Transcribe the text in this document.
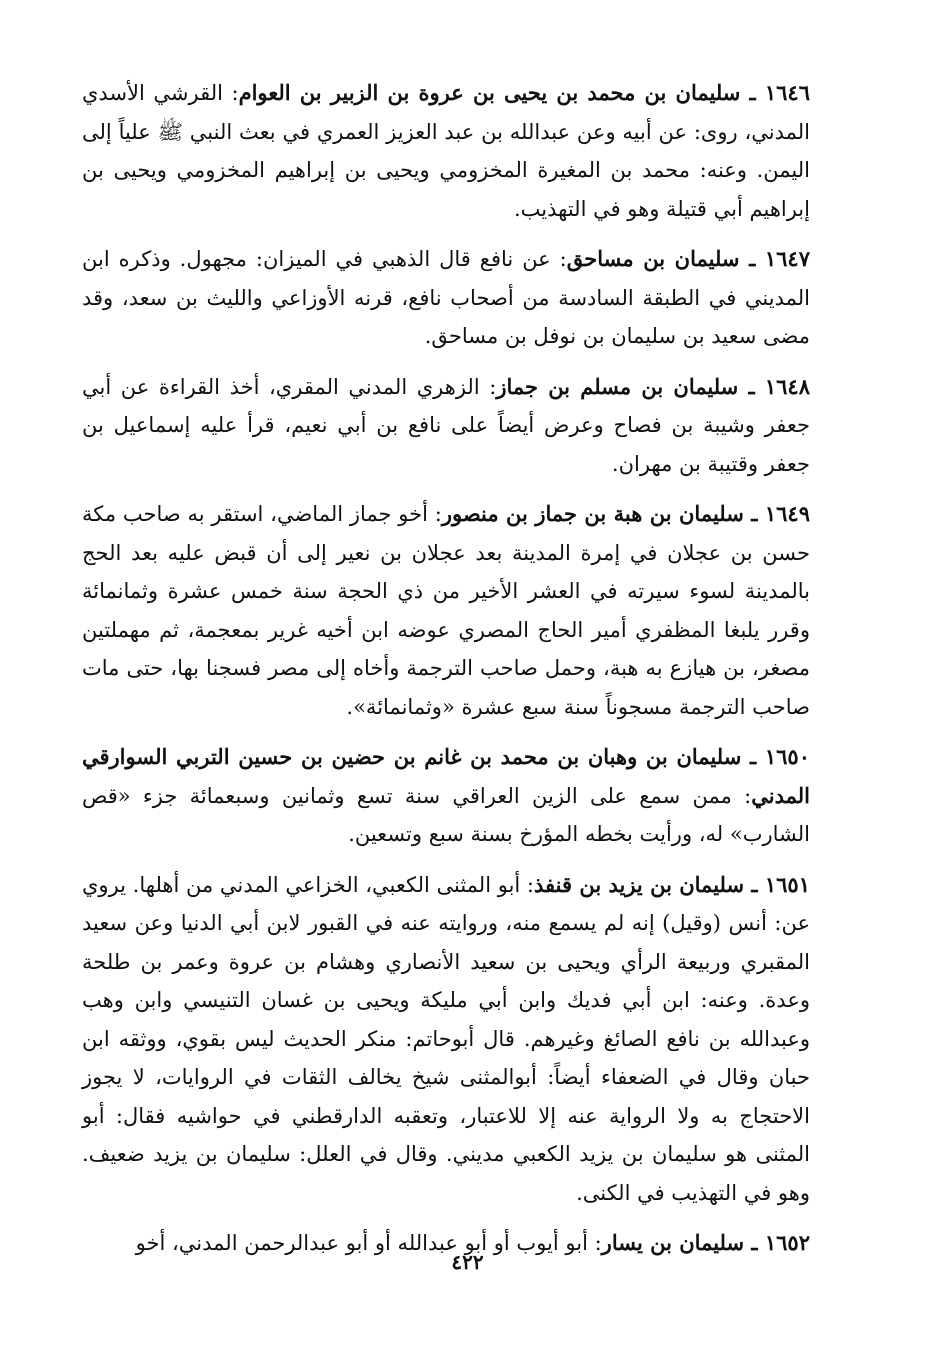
١٦٤٦ ـ سليمان بن محمد بن يحيى بن عروة بن الزبير بن العوام: القرشي الأسدي المدني، روى: عن أبيه وعن عبدالله بن عبد العزيز العمري في بعث النبي ﷺ علياً إلى اليمن. وعنه: محمد بن المغيرة المخزومي ويحيى بن إبراهيم المخزومي ويحيى بن إبراهيم أبي قتيلة وهو في التهذيب.

١٦٤٧ ـ سليمان بن مساحق: عن نافع قال الذهبي في الميزان: مجهول. وذكره ابن المديني في الطبقة السادسة من أصحاب نافع، قرنه الأوزاعي والليث بن سعد، وقد مضى سعيد بن سليمان بن نوفل بن مساحق.

١٦٤٨ ـ سليمان بن مسلم بن جماز: الزهري المدني المقري، أخذ القراءة عن أبي جعفر وشيبة بن فصاح وعرض أيضاً على نافع بن أبي نعيم، قرأ عليه إسماعيل بن جعفر وقتيبة بن مهران.

١٦٤٩ ـ سليمان بن هبة بن جماز بن منصور: أخو جماز الماضي، استقر به صاحب مكة حسن بن عجلان في إمرة المدينة بعد عجلان بن نعير إلى أن قبض عليه بعد الحج بالمدينة لسوء سيرته في العشر الأخير من ذي الحجة سنة خمس عشرة وثمانمائة وقرر يلبغا المظفري أمير الحاج المصري عوضه ابن أخيه غرير بمعجمة، ثم مهملتين مصغر، بن هيازع به هبة، وحمل صاحب الترجمة وأخاه إلى مصر فسجنا بها، حتى مات صاحب الترجمة مسجوناً سنة سبع عشرة «وثمانمائة».

١٦٥٠ ـ سليمان بن وهبان بن محمد بن غانم بن حضين بن حسين التربي السوارقي المدني: ممن سمع على الزين العراقي سنة تسع وثمانين وسبعمائة جزء «قص الشارب» له، ورأيت بخطه المؤرخ بسنة سبع وتسعين.

١٦٥١ ـ سليمان بن يزيد بن قنفذ: أبو المثنى الكعبي، الخزاعي المدني من أهلها. يروي عن: أنس (وقيل) إنه لم يسمع منه، وروايته عنه في القبور لابن أبي الدنيا وعن سعيد المقبري وربيعة الرأي ويحيى بن سعيد الأنصاري وهشام بن عروة وعمر بن طلحة وعدة. وعنه: ابن أبي فديك وابن أبي مليكة ويحيى بن غسان التنيسي وابن وهب وعبدالله بن نافع الصائغ وغيرهم. قال أبوحاتم: منكر الحديث ليس بقوي، ووثقه ابن حبان وقال في الضعفاء أيضاً: أبوالمثنى شيخ يخالف الثقات في الروايات، لا يجوز الاحتجاج به ولا الرواية عنه إلا للاعتبار، وتعقبه الدارقطني في حواشيه فقال: أبو المثنى هو سليمان بن يزيد الكعبي مديني. وقال في العلل: سليمان بن يزيد ضعيف. وهو في التهذيب في الكنى.

١٦٥٢ ـ سليمان بن يسار: أبو أيوب أو أبو عبدالله أو أبو عبدالرحمن المدني، أخو

٤٢٢
